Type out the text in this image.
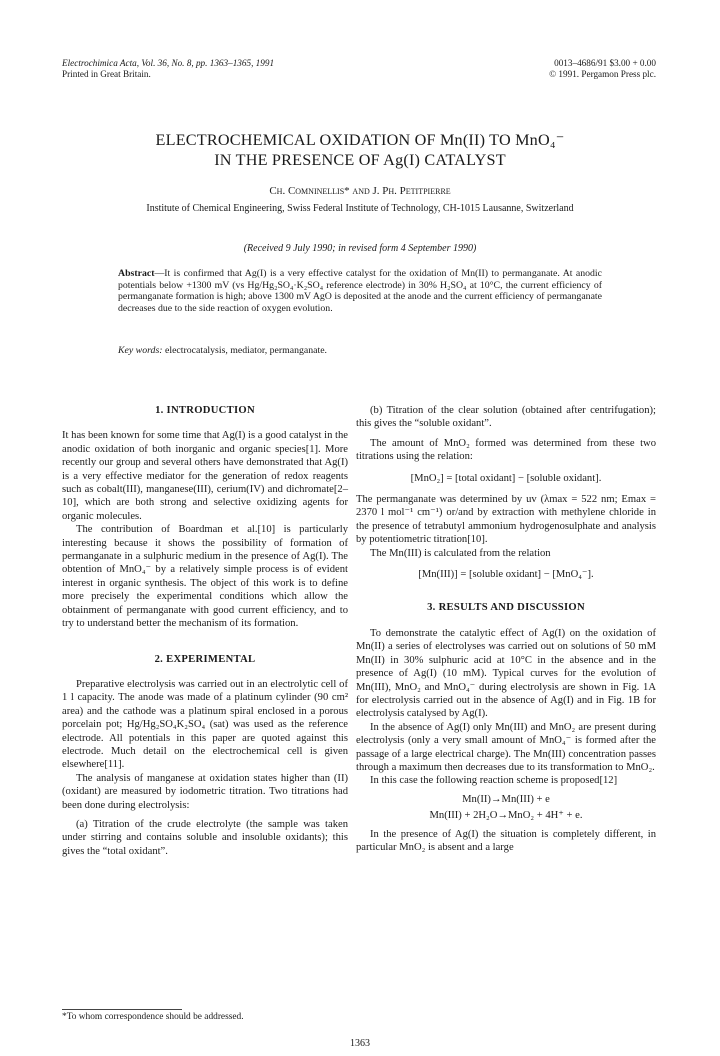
Electrochimica Acta, Vol. 36, No. 8, pp. 1363–1365, 1991
Printed in Great Britain.
0013–4686/91 $3.00 + 0.00
© 1991. Pergamon Press plc.
ELECTROCHEMICAL OXIDATION OF Mn(II) TO MnO₄⁻
IN THE PRESENCE OF Ag(I) CATALYST
Ch. Comninellis* and J. Ph. Petitpierre
Institute of Chemical Engineering, Swiss Federal Institute of Technology, CH-1015 Lausanne, Switzerland
(Received 9 July 1990; in revised form 4 September 1990)
Abstract—It is confirmed that Ag(I) is a very effective catalyst for the oxidation of Mn(II) to permanganate. At anodic potentials below +1300 mV (vs Hg/Hg₂SO₄·K₂SO₄ reference electrode) in 30% H₂SO₄ at 10°C, the current efficiency of permanganate formation is high; above 1300 mV AgO is deposited at the anode and the current efficiency of permanganate decreases due to the side reaction of oxygen evolution.
Key words: electrocatalysis, mediator, permanganate.
1. INTRODUCTION

It has been known for some time that Ag(I) is a good catalyst in the anodic oxidation of both inorganic and organic species[1]. More recently our group and several others have demonstrated that Ag(I) is a very effective mediator for the generation of redox reagents such as cobalt(III), manganese(III), cerium(IV) and dichromate[2–10], which are both strong and selective oxidizing agents for organic molecules.

The contribution of Boardman et al.[10] is particularly interesting because it shows the possibility of formation of permanganate in a sulphuric medium in the presence of Ag(I). The obtention of MnO₄⁻ by a relatively simple process is of evident interest in organic synthesis. The object of this work is to define more precisely the experimental conditions which allow the obtainment of permanganate with good current efficiency, and to try to understand better the mechanism of its formation.

2. EXPERIMENTAL

Preparative electrolysis was carried out in an electrolytic cell of 1 l capacity. The anode was made of a platinum cylinder (90 cm² area) and the cathode was a platinum spiral enclosed in a porous porcelain pot; Hg/Hg₂SO₄K₂SO₄ (sat) was used as the reference electrode. All potentials in this paper are quoted against this electrode. Much detail on the electrochemical cell is given elsewhere[11].

The analysis of manganese at oxidation states higher than (II) (oxidant) are measured by iodometric titration. Two titrations had been done during electrolysis:

(a) Titration of the crude electrolyte (the sample was taken under stirring and contains soluble and insoluble oxidants); this gives the “total oxidant”.

(b) Titration of the clear solution (obtained after centrifugation); this gives the “soluble oxidant”.

The amount of MnO₂ formed was determined from these two titrations using the relation:

[MnO₂] = [total oxidant] − [soluble oxidant].

The permanganate was determined by uv (λmax = 522 nm; Emax = 2370 l mol⁻¹ cm⁻¹) or/and by extraction with methylene chloride in the presence of tetrabutyl ammonium hydrogenosulphate and analysis by potentiometric titration[10].

The Mn(III) is calculated from the relation

[Mn(III)] = [soluble oxidant] − [MnO₄⁻].
3. RESULTS AND DISCUSSION

To demonstrate the catalytic effect of Ag(I) on the oxidation of Mn(II) a series of electrolyses was carried out on solutions of 50 mM Mn(II) in 30% sulphuric acid at 10°C in the absence and in the presence of Ag(I) (10 mM). Typical curves for the evolution of Mn(III), MnO₂ and MnO₄⁻ during electrolysis are shown in Fig. 1A for electrolysis carried out in the absence of Ag(I) and in Fig. 1B for electrolysis catalysed by Ag(I).

In the absence of Ag(I) only Mn(III) and MnO₂ are present during electrolysis (only a very small amount of MnO₄⁻ is formed after the passage of a large electrical charge). The Mn(III) concentration passes through a maximum then decreases due to its transformation to MnO₂.

In this case the following reaction scheme is proposed[12]

Mn(II)→Mn(III) + e
Mn(III) + 2H₂O→MnO₂ + 4H⁺ + e.

In the presence of Ag(I) the situation is completely different, in particular MnO₂ is absent and a large

*To whom correspondence should be addressed.
1363
